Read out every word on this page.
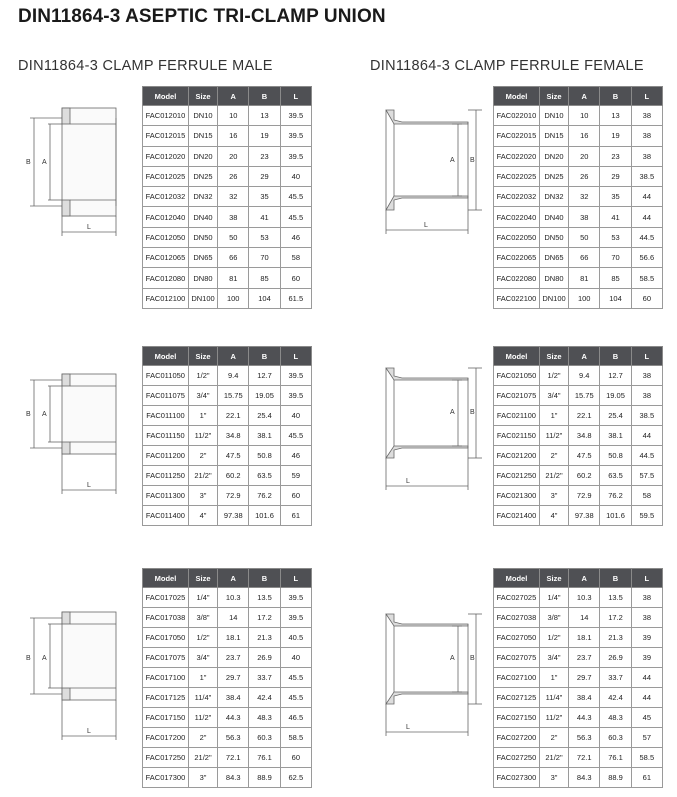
DIN11864-3 ASEPTIC TRI-CLAMP UNION
DIN11864-3 CLAMP FERRULE MALE	DIN11864-3 CLAMP FERRULE FEMALE
B A
L
B A
L
B A
L
A B
L
A B
L
A B
L
Model	Size	A	B	L
FAC012010	DN10	10	13	39.5
FAC012015	DN15	16	19	39.5
FAC012020	DN20	20	23	39.5
FAC012025	DN25	26	29	40
FAC012032	DN32	32	35	45.5
FAC012040	DN40	38	41	45.5
FAC012050	DN50	50	53	46
FAC012065	DN65	66	70	58
FAC012080	DN80	81	85	60
FAC012100	DN100	100	104	61.5
Model	Size	A	B	L
FAC022010	DN10	10	13	38
FAC022015	DN15	16	19	38
FAC022020	DN20	20	23	38
FAC022025	DN25	26	29	38.5
FAC022032	DN32	32	35	44
FAC022040	DN40	38	41	44
FAC022050	DN50	50	53	44.5
FAC022065	DN65	66	70	56.6
FAC022080	DN80	81	85	58.5
FAC022100	DN100	100	104	60
Model	Size	A	B	L
FAC011050	1/2"	9.4	12.7	39.5
FAC011075	3/4"	15.75	19.05	39.5
FAC011100	1"	22.1	25.4	40
FAC011150	11/2"	34.8	38.1	45.5
FAC011200	2"	47.5	50.8	46
FAC011250	21/2"	60.2	63.5	59
FAC011300	3"	72.9	76.2	60
FAC011400	4"	97.38	101.6	61
Model	Size	A	B	L
FAC021050	1/2"	9.4	12.7	38
FAC021075	3/4"	15.75	19.05	38
FAC021100	1"	22.1	25.4	38.5
FAC021150	11/2"	34.8	38.1	44
FAC021200	2"	47.5	50.8	44.5
FAC021250	21/2"	60.2	63.5	57.5
FAC021300	3"	72.9	76.2	58
FAC021400	4"	97.38	101.6	59.5
Model	Size	A	B	L
FAC017025	1/4"	10.3	13.5	39.5
FAC017038	3/8"	14	17.2	39.5
FAC017050	1/2"	18.1	21.3	40.5
FAC017075	3/4"	23.7	26.9	40
FAC017100	1"	29.7	33.7	45.5
FAC017125	11/4"	38.4	42.4	45.5
FAC017150	11/2"	44.3	48.3	46.5
FAC017200	2"	56.3	60.3	58.5
FAC017250	21/2"	72.1	76.1	60
FAC017300	3"	84.3	88.9	62.5
Model	Size	A	B	L
FAC027025	1/4"	10.3	13.5	38
FAC027038	3/8"	14	17.2	38
FAC027050	1/2"	18.1	21.3	39
FAC027075	3/4"	23.7	26.9	39
FAC027100	1"	29.7	33.7	44
FAC027125	11/4"	38.4	42.4	44
FAC027150	11/2"	44.3	48.3	45
FAC027200	2"	56.3	60.3	57
FAC027250	21/2"	72.1	76.1	58.5
FAC027300	3"	84.3	88.9	61
